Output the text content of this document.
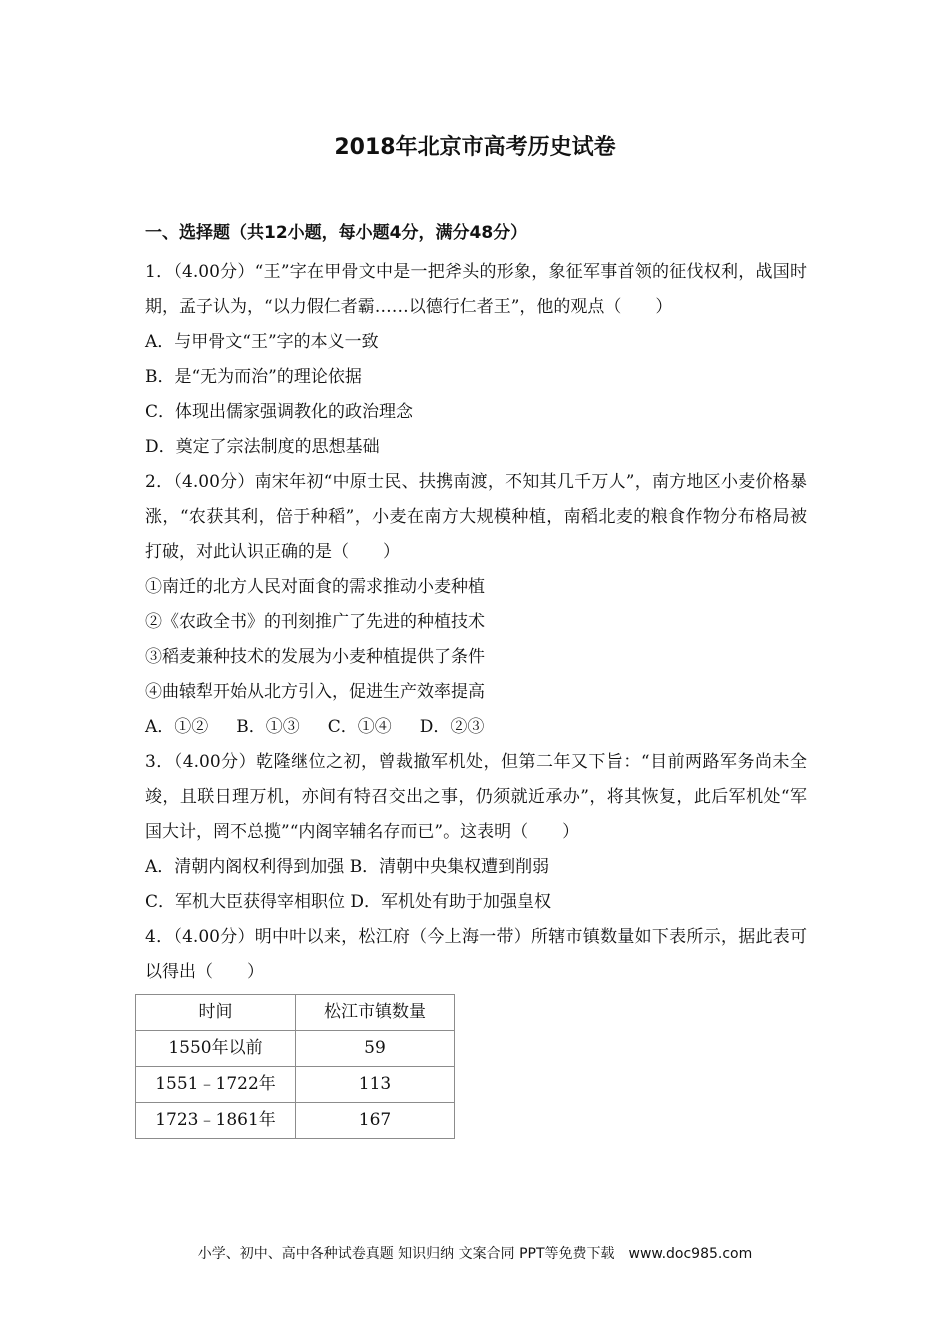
2018年北京市高考历史试卷
一、选择题（共12小题，每小题4分，满分48分）

1．（4.00分）“王”字在甲骨文中是一把斧头的形象，象征军事首领的征伐权利，战国时期，孟子认为，“以力假仁者霸……以德行仁者王”，他的观点（　　）

A．与甲骨文“王”字的本义一致

B．是“无为而治”的理论依据

C．体现出儒家强调教化的政治理念

D．奠定了宗法制度的思想基础

2．（4.00分）南宋年初“中原士民、扶携南渡，不知其几千万人”，南方地区小麦价格暴涨，“农获其利，倍于种稻”，小麦在南方大规模种植，南稻北麦的粮食作物分布格局被打破，对此认识正确的是（　　）

①南迁的北方人民对面食的需求推动小麦种植

②《农政全书》的刊刻推广了先进的种植技术

③稻麦兼种技术的发展为小麦种植提供了条件

④曲辕犁开始从北方引入，促进生产效率提高

A．①② B．①③ C．①④ D．②③

3．（4.00分）乾隆继位之初，曾裁撤军机处，但第二年又下旨：“目前两路军务尚未全竣，且联日理万机，亦间有特召交出之事，仍须就近承办”，将其恢复，此后军机处“军国大计，罔不总揽”“内阁宰辅名存而已”。这表明（　　）

A．清朝内阁权利得到加强 B．清朝中央集权遭到削弱

C．军机大臣获得宰相职位 D．军机处有助于加强皇权

4．（4.00分）明中叶以来，松江府（今上海一带）所辖市镇数量如下表所示，据此表可以得出（　　）

时间	松江市镇数量
1550年以前	59
1551﹣1722年	113
1723﹣1861年	167

小学、初中、高中各种试卷真题 知识归纳 文案合同 PPT等免费下载　www.doc985.com
